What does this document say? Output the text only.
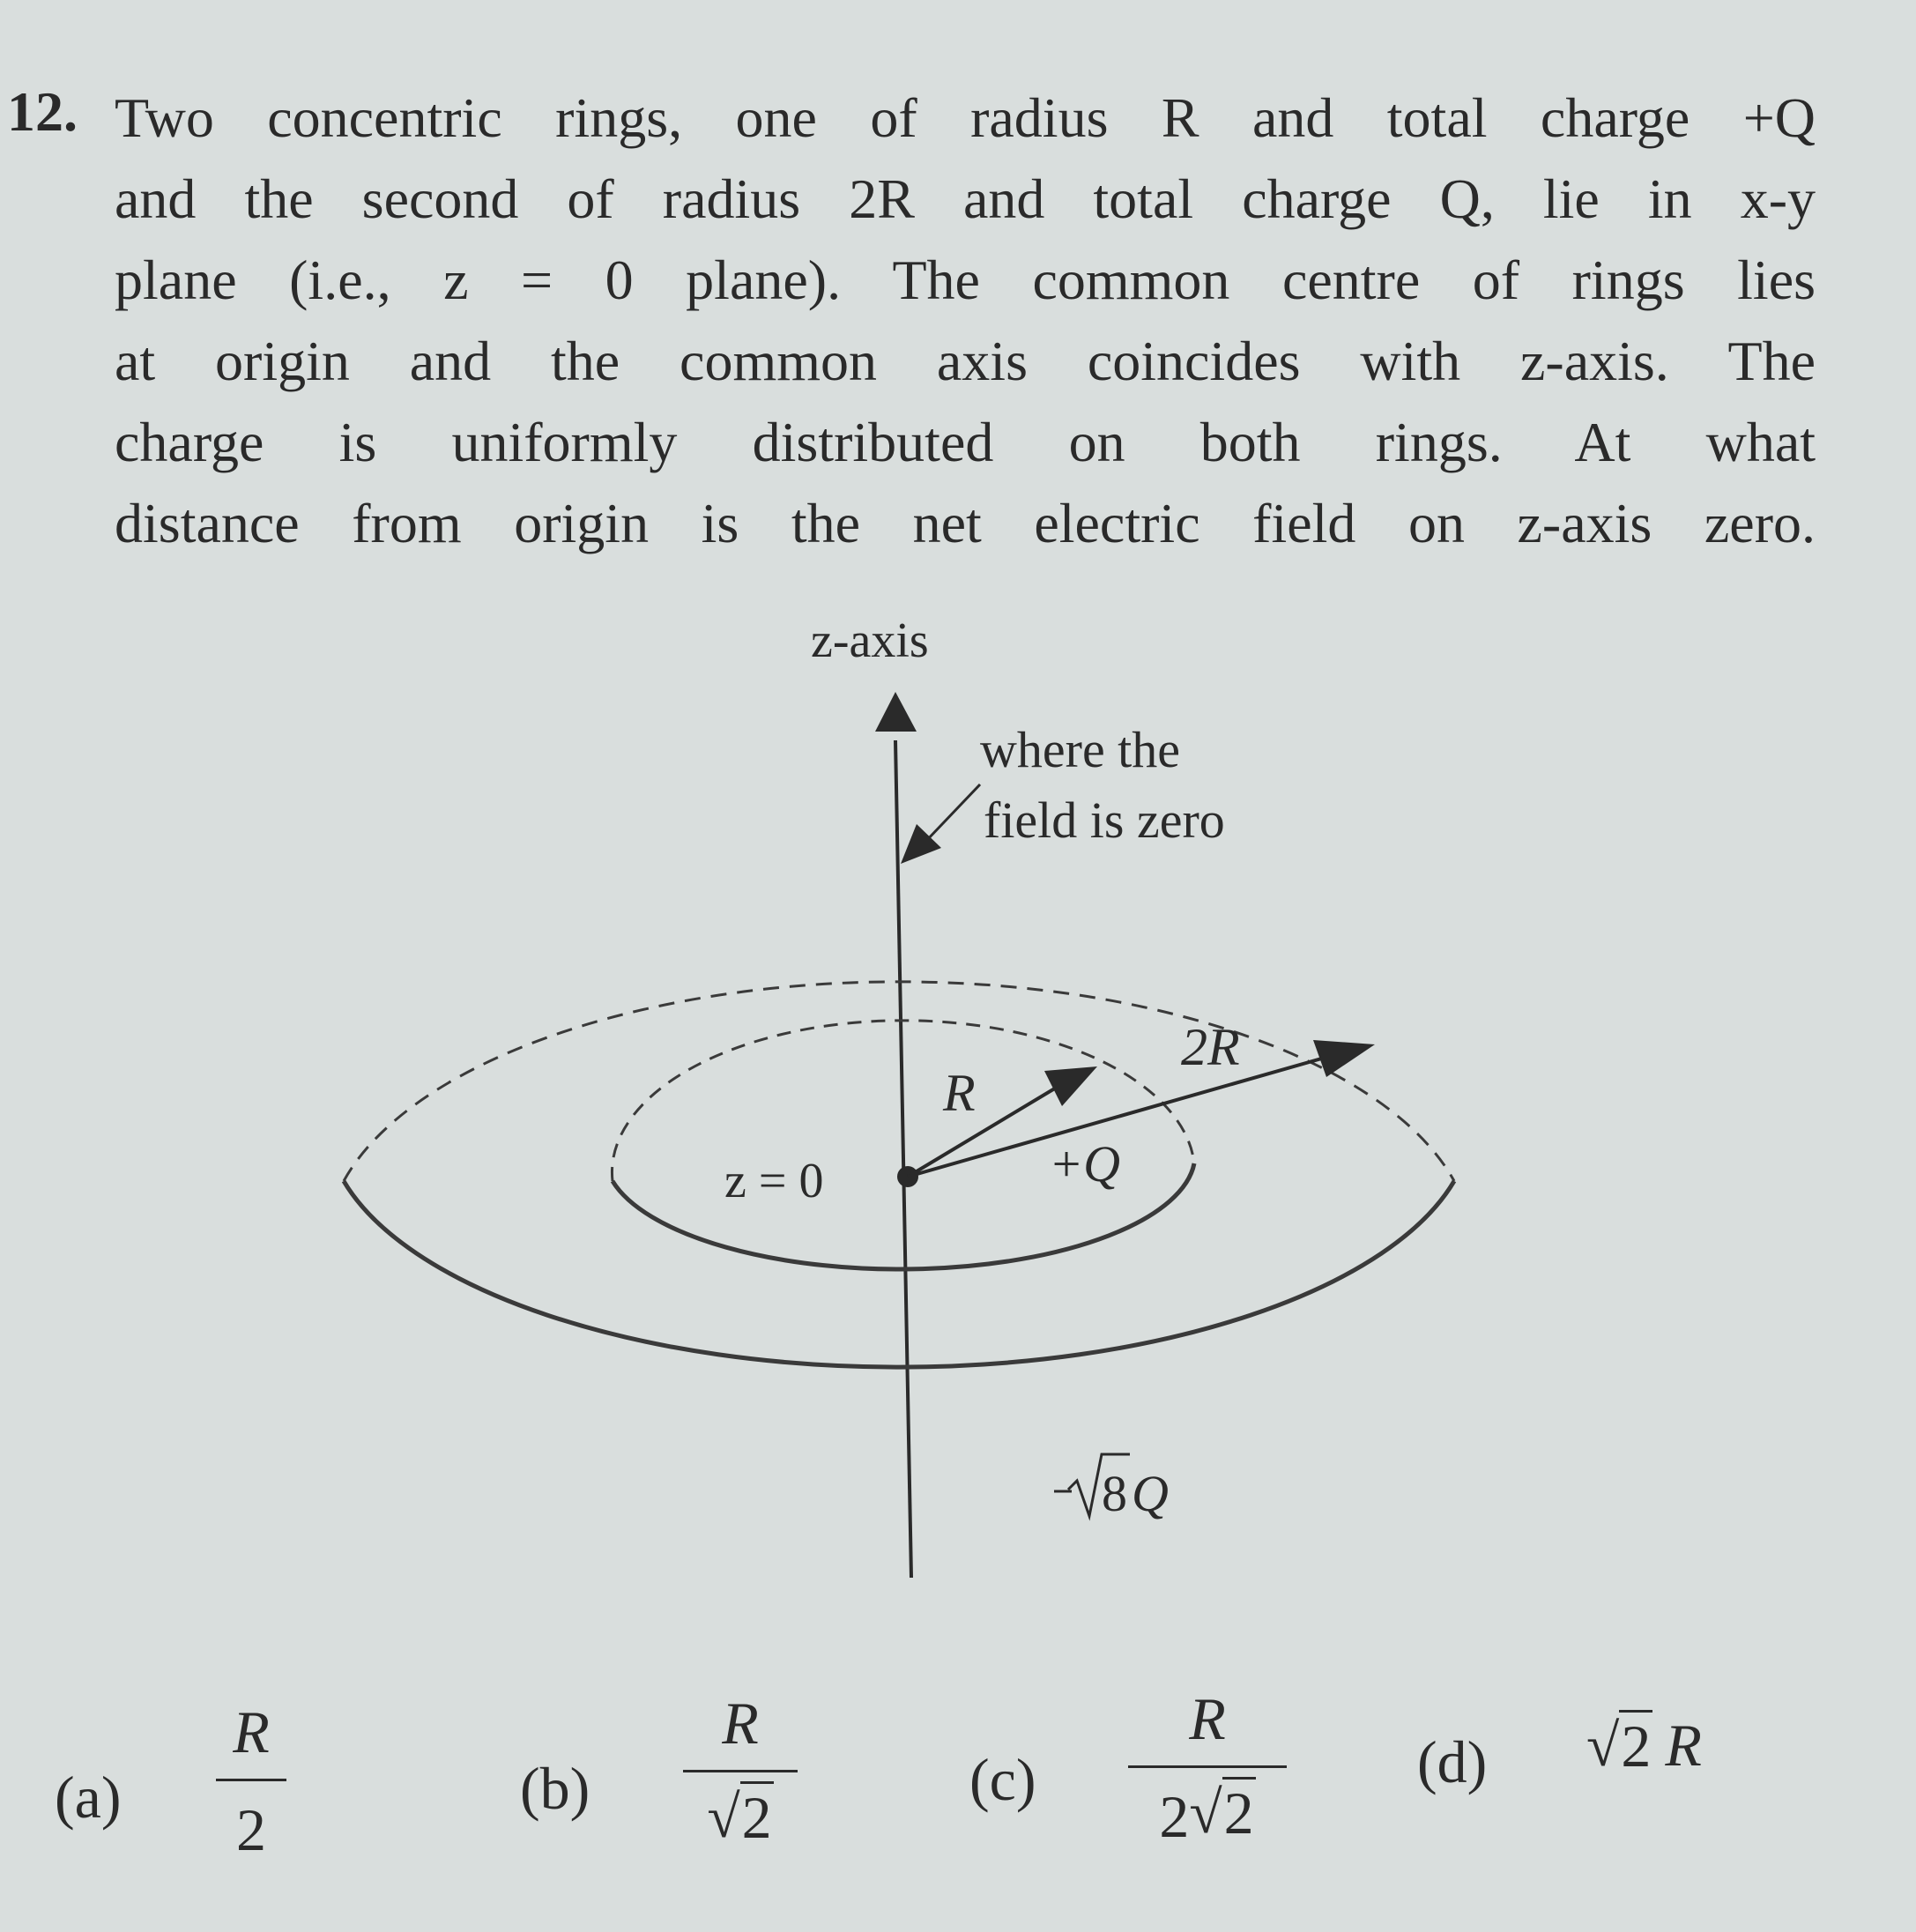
12. Two concentric rings, one of radius R and total charge +Q
and the second of radius 2R and total charge Q, lie in x-y
plane (i.e., z = 0 plane). The common centre of rings lies
at origin and the common axis coincides with z-axis. The
charge is uniformly distributed on both rings. At what
distance from origin is the net electric field on z-axis zero.
z-axis
where the
field is zero
R
2R
z = 0	+Q
8 Q
(a)
R
2
(b)
R
√ 2
(c)
R
2 √ 2
(d) √ 2 R
